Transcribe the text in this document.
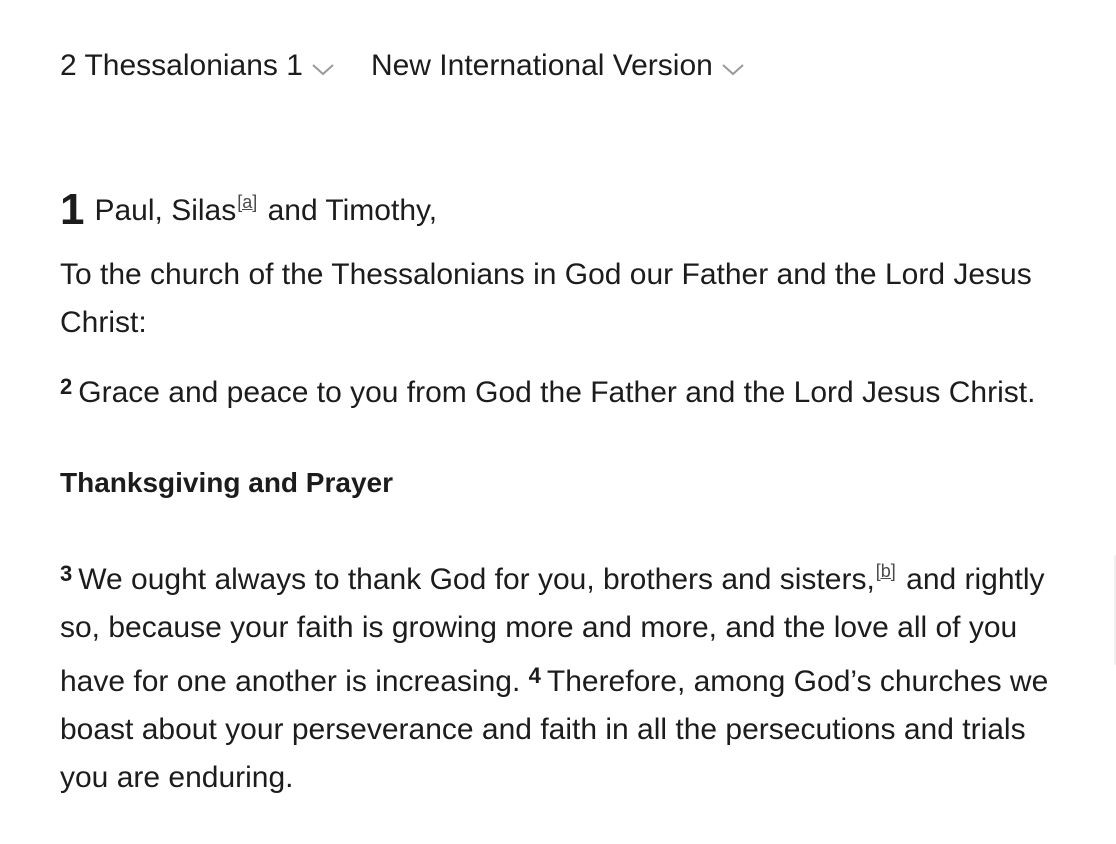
2 Thessalonians 1 New International Version

1 Paul, Silas[a] and Timothy,

To the church of the Thessalonians in God our Father and the Lord Jesus Christ:

$^2$ Grace and peace to you from God the Father and the Lord Jesus Christ.

Thanksgiving and Prayer

$^3$ We ought always to thank God for you, brothers and sisters,[b] and rightly so, because your faith is growing more and more, and the love all of you have for one another is increasing. $^4$ Therefore, among God’s churches we boast about your perseverance and faith in all the persecutions and trials you are enduring.
